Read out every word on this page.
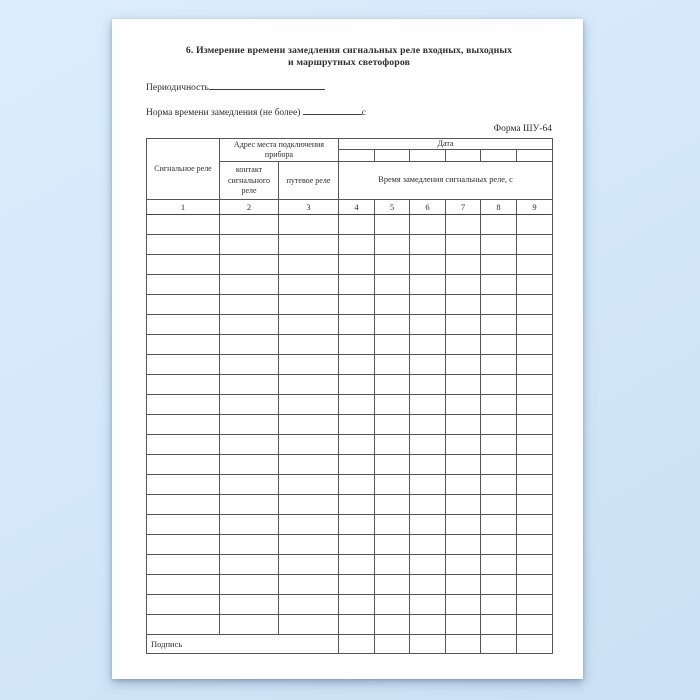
6. Измерение времени замедления сигнальных реле входных, выходных
и маршрутных светофоров
Периодичность
Норма времени замедления (не более)	с
Форма ШУ-64
Сигнальное реле	Адрес места подключения прибора		Дата					

	контакт сигнального реле	путевое реле	Время замедления сигнальных реле, с					
1	2	3	4	5	6	7	8	9

Подпись								
